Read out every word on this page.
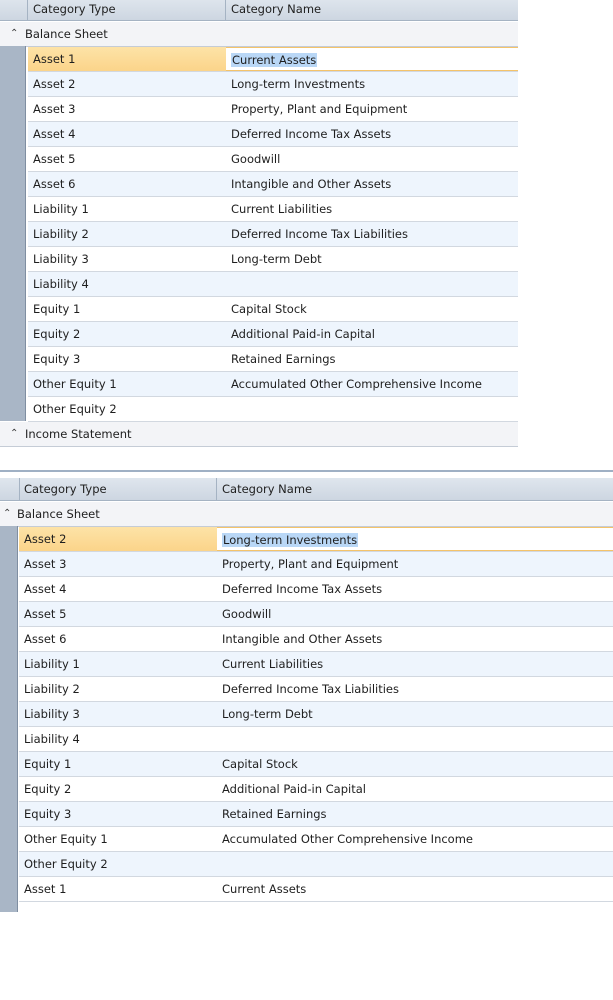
Category Type	Category Name
⌃ Balance Sheet
Asset 1	Current Assets
Asset 2	Long-term Investments
Asset 3	Property, Plant and Equipment
Asset 4	Deferred Income Tax Assets
Asset 5	Goodwill
Asset 6	Intangible and Other Assets
Liability 1	Current Liabilities
Liability 2	Deferred Income Tax Liabilities
Liability 3	Long-term Debt
Liability 4
Equity 1	Capital Stock
Equity 2	Additional Paid-in Capital
Equity 3	Retained Earnings
Other Equity 1	Accumulated Other Comprehensive Income
Other Equity 2
⌃ Income Statement
Category Type	Category Name
⌃ Balance Sheet
Asset 2	Long-term Investments
Asset 3	Property, Plant and Equipment
Asset 4	Deferred Income Tax Assets
Asset 5	Goodwill
Asset 6	Intangible and Other Assets
Liability 1	Current Liabilities
Liability 2	Deferred Income Tax Liabilities
Liability 3	Long-term Debt
Liability 4
Equity 1	Capital Stock
Equity 2	Additional Paid-in Capital
Equity 3	Retained Earnings
Other Equity 1	Accumulated Other Comprehensive Income
Other Equity 2
Asset 1	Current Assets
